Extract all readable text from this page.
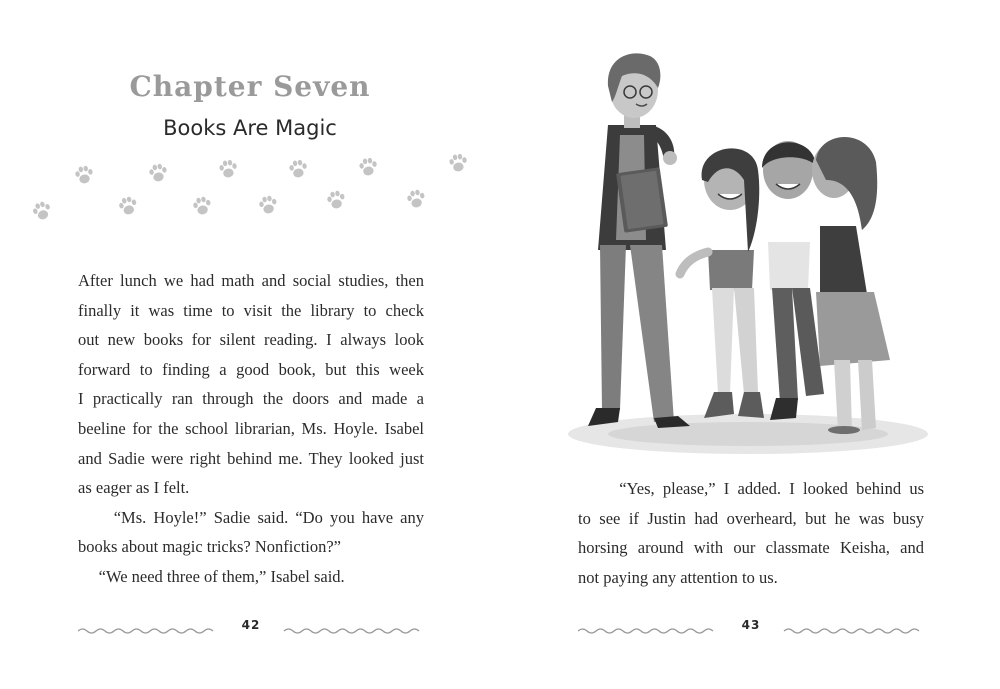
Chapter Seven
Books Are Magic
After lunch we had math and social studies, then
finally it was time to visit the library to check
out new books for silent reading. I always look
forward to finding a good book, but this week
I practically ran through the doors and made a
beeline for the school librarian, Ms. Hoyle. Isabel
and Sadie were right behind me. They looked just
as eager as I felt.
“Ms. Hoyle!” Sadie said. “Do you have any
books about magic tricks? Nonfiction?”
“We need three of them,” Isabel said.
42
“Yes, please,” I added. I looked behind us
to see if Justin had overheard, but he was busy
horsing around with our classmate Keisha, and
not paying any attention to us.
43
